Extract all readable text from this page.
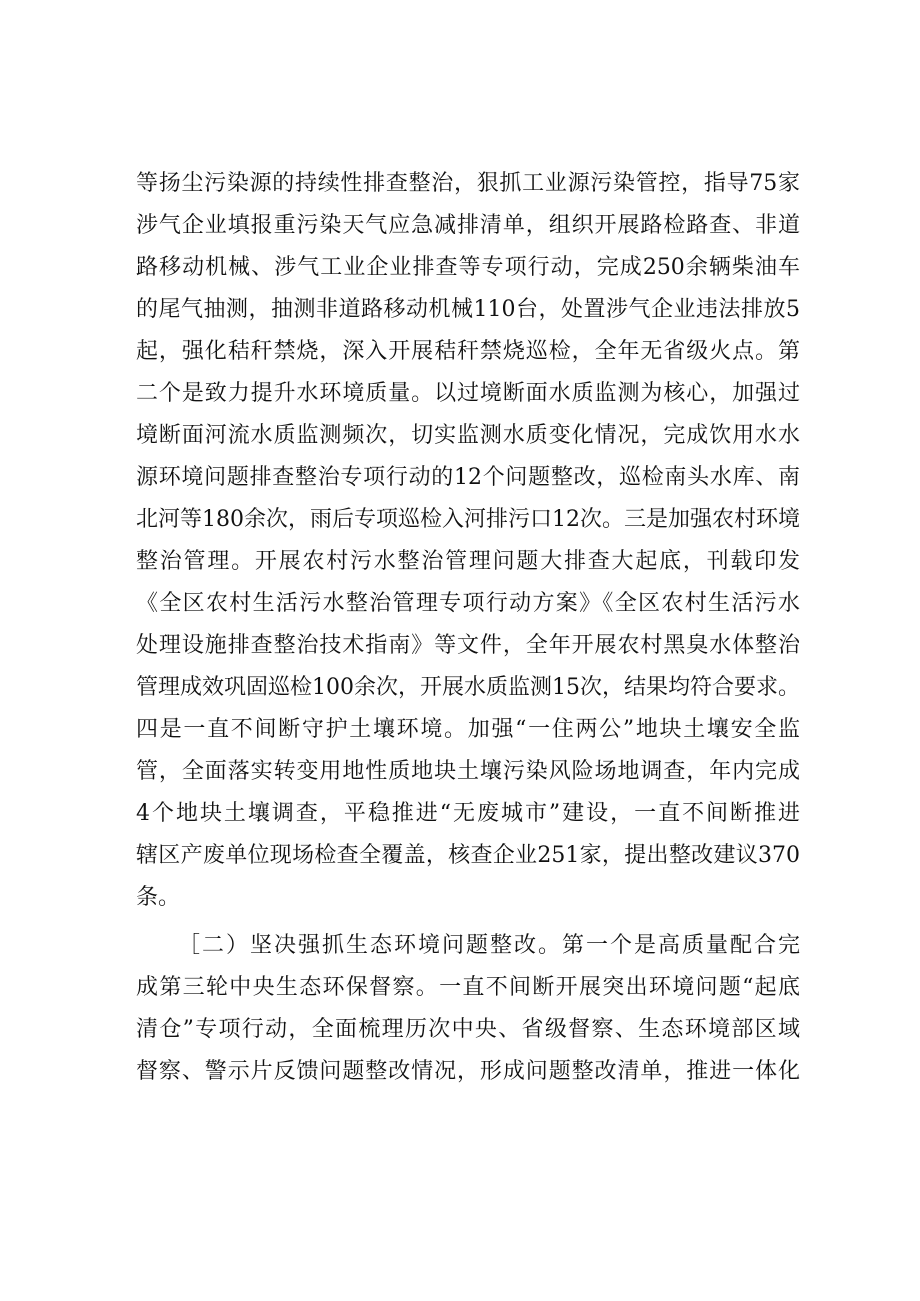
等扬尘污染源的持续性排查整治，狠抓工业源污染管控，指导75家
涉气企业填报重污染天气应急减排清单，组织开展路检路查、非道
路移动机械、涉气工业企业排查等专项行动，完成250余辆柴油车
的尾气抽测，抽测非道路移动机械110台，处置涉气企业违法排放5
起，强化秸秆禁烧，深入开展秸秆禁烧巡检，全年无省级火点。第
二个是致力提升水环境质量。以过境断面水质监测为核心，加强过
境断面河流水质监测频次，切实监测水质变化情况，完成饮用水水
源环境问题排查整治专项行动的12个问题整改，巡检南头水库、南
北河等180余次，雨后专项巡检入河排污口12次。三是加强农村环境
整治管理。开展农村污水整治管理问题大排查大起底，刊载印发
《全区农村生活污水整治管理专项行动方案》《全区农村生活污水
处理设施排查整治技术指南》等文件，全年开展农村黑臭水体整治
管理成效巩固巡检100余次，开展水质监测15次，结果均符合要求。
四是一直不间断守护土壤环境。加强“一住两公”地块土壤安全监
管，全面落实转变用地性质地块土壤污染风险场地调查，年内完成
4个地块土壤调查，平稳推进“无废城市”建设，一直不间断推进
辖区产废单位现场检查全覆盖，核查企业251家，提出整改建议370
条。
［二）坚决强抓生态环境问题整改。第一个是高质量配合完
成第三轮中央生态环保督察。一直不间断开展突出环境问题“起底
清仓”专项行动，全面梳理历次中央、省级督察、生态环境部区域
督察、警示片反馈问题整改情况，形成问题整改清单，推进一体化
